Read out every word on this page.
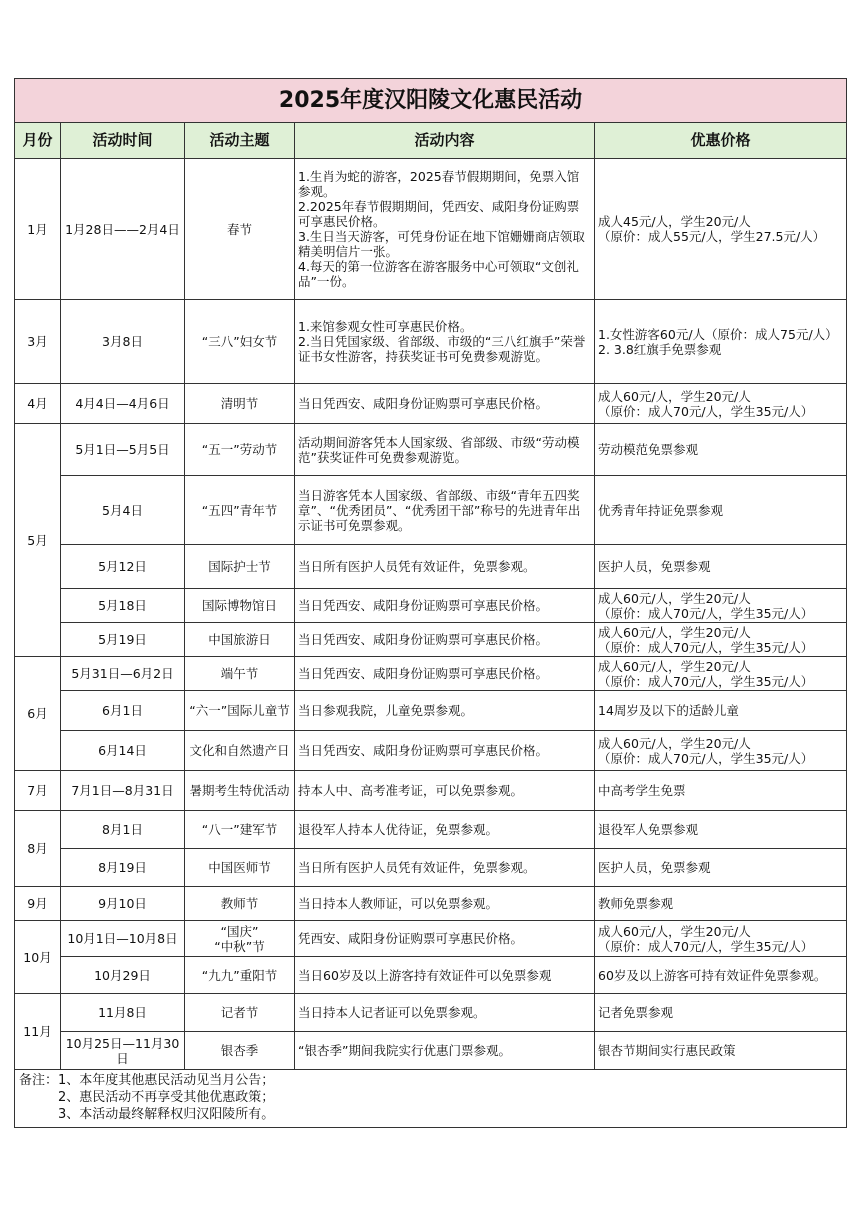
2025年度汉阳陵文化惠民活动				
月份	活动时间	活动主题	活动内容	优惠价格
1月	1月28日——2月4日	春节	1.生肖为蛇的游客，2025春节假期期间，免票入馆参观。
2.2025年春节假期期间，凭西安、咸阳身份证购票可享惠民价格。
3.生日当天游客，可凭身份证在地下馆姗姗商店领取精美明信片一张。
4.每天的第一位游客在游客服务中心可领取“文创礼品”一份。	成人45元/人，学生20元/人
（原价：成人55元/人，学生27.5元/人）
3月	3月8日	“三八”妇女节	1.来馆参观女性可享惠民价格。
2.当日凭国家级、省部级、市级的“三八红旗手”荣誉证书女性游客，持获奖证书可免费参观游览。	1.女性游客60元/人（原价：成人75元/人）
2. 3.8红旗手免票参观
4月	4月4日—4月6日	清明节	当日凭西安、咸阳身份证购票可享惠民价格。	成人60元/人，学生20元/人
（原价：成人70元/人，学生35元/人）
5月	5月1日—5月5日	“五一”劳动节	活动期间游客凭本人国家级、省部级、市级“劳动模范”获奖证件可免费参观游览。	劳动模范免票参观
	5月4日	“五四”青年节	当日游客凭本人国家级、省部级、市级“青年五四奖章”、“优秀团员”、“优秀团干部”称号的先进青年出示证书可免票参观。	优秀青年持证免票参观
	5月12日	国际护士节	当日所有医护人员凭有效证件，免票参观。	医护人员，免票参观
	5月18日	国际博物馆日	当日凭西安、咸阳身份证购票可享惠民价格。	成人60元/人，学生20元/人
（原价：成人70元/人，学生35元/人）
	5月19日	中国旅游日	当日凭西安、咸阳身份证购票可享惠民价格。	成人60元/人，学生20元/人
（原价：成人70元/人，学生35元/人）
6月	5月31日—6月2日	端午节	当日凭西安、咸阳身份证购票可享惠民价格。	成人60元/人，学生20元/人
（原价：成人70元/人，学生35元/人）
	6月1日	“六一”国际儿童节	当日参观我院，儿童免票参观。	14周岁及以下的适龄儿童
	6月14日	文化和自然遗产日	当日凭西安、咸阳身份证购票可享惠民价格。	成人60元/人，学生20元/人
（原价：成人70元/人，学生35元/人）
7月	7月1日—8月31日	暑期考生特优活动	持本人中、高考准考证，可以免票参观。	中高考学生免票
8月	8月1日	“八一”建军节	退役军人持本人优待证，免票参观。	退役军人免票参观
	8月19日	中国医师节	当日所有医护人员凭有效证件，免票参观。	医护人员，免票参观
9月	9月10日	教师节	当日持本人教师证，可以免票参观。	教师免票参观
10月	10月1日—10月8日	“国庆”
“中秋”节	凭西安、咸阳身份证购票可享惠民价格。	成人60元/人，学生20元/人
（原价：成人70元/人，学生35元/人）
	10月29日	“九九”重阳节	当日60岁及以上游客持有效证件可以免票参观	60岁及以上游客可持有效证件免票参观。
11月	11月8日	记者节	当日持本人记者证可以免票参观。	记者免票参观
	10月25日—11月30日	银杏季	“银杏季”期间我院实行优惠门票参观。	银杏节期间实行惠民政策

备注：1、本年度其他惠民活动见当月公告；
2、惠民活动不再享受其他优惠政策；
3、本活动最终解释权归汉阳陵所有。				
